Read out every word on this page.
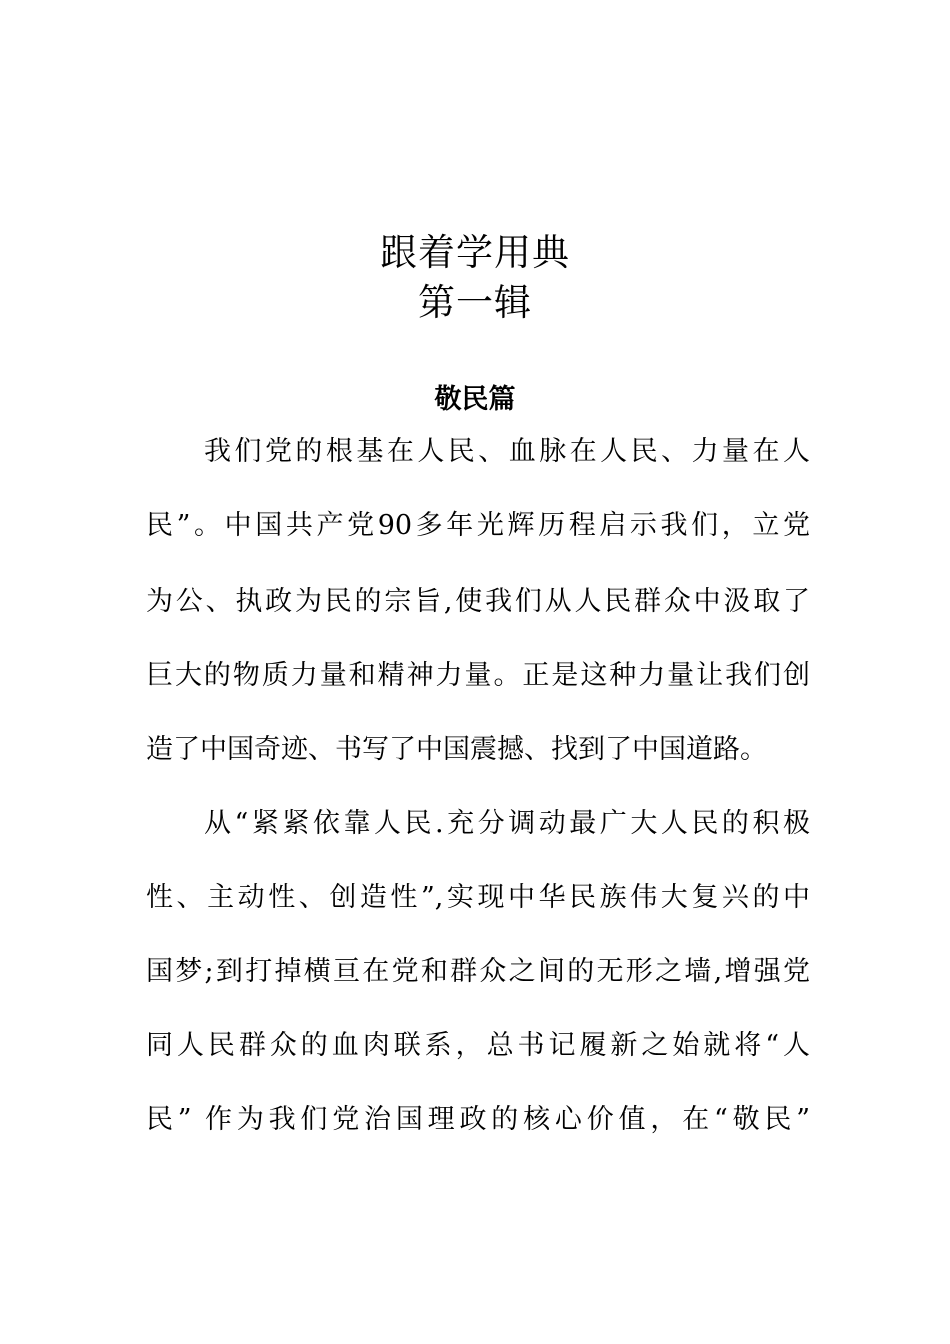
跟着学用典
第一辑
敬民篇
我们党的根基在人民、血脉在人民、力量在人
民”。中国共产党90多年光辉历程启示我们，立党
为公、执政为民的宗旨,使我们从人民群众中汲取了
巨大的物质力量和精神力量。正是这种力量让我们创
造了中国奇迹、书写了中国震撼、找到了中国道路。
从“紧紧依靠人民.充分调动最广大人民的积极
性、主动性、创造性”,实现中华民族伟大复兴的中
国梦;到打掉横亘在党和群众之间的无形之墙,增强党
同人民群众的血肉联系，总书记履新之始就将“人
民” 作为我们党治国理政的核心价值，在“敬民”
